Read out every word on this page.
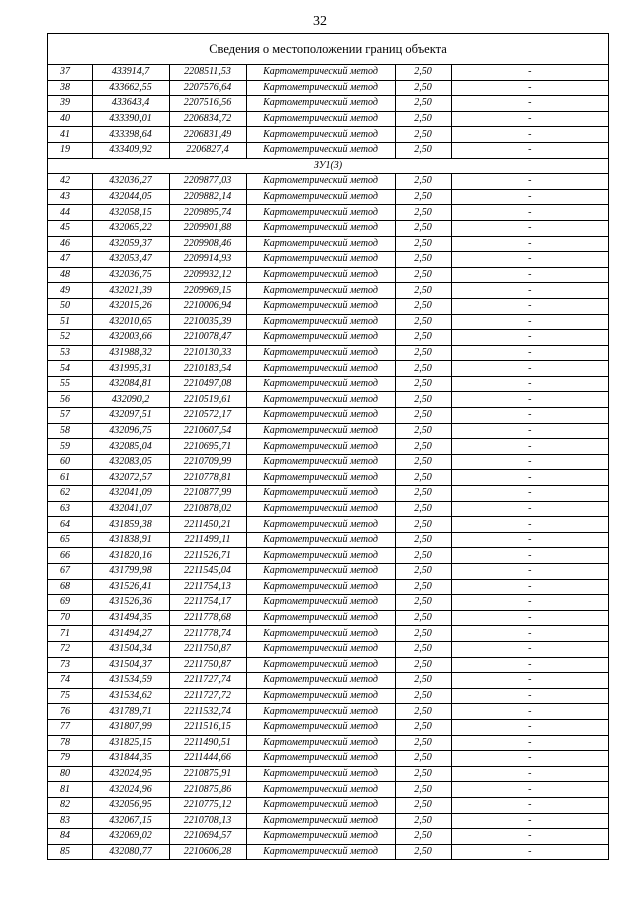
32
Сведения о местоположении границ объекта
37	433914,7	2208511,53	Картометрический метод	2,50	-
38	433662,55	2207576,64	Картометрический метод	2,50	-
39	433643,4	2207516,56	Картометрический метод	2,50	-
40	433390,01	2206834,72	Картометрический метод	2,50	-
41	433398,64	2206831,49	Картометрический метод	2,50	-
19	433409,92	2206827,4	Картометрический метод	2,50	-
ЗУ1(3)					
42	432036,27	2209877,03	Картометрический метод	2,50	-
43	432044,05	2209882,14	Картометрический метод	2,50	-
44	432058,15	2209895,74	Картометрический метод	2,50	-
45	432065,22	2209901,88	Картометрический метод	2,50	-
46	432059,37	2209908,46	Картометрический метод	2,50	-
47	432053,47	2209914,93	Картометрический метод	2,50	-
48	432036,75	2209932,12	Картометрический метод	2,50	-
49	432021,39	2209969,15	Картометрический метод	2,50	-
50	432015,26	2210006,94	Картометрический метод	2,50	-
51	432010,65	2210035,39	Картометрический метод	2,50	-
52	432003,66	2210078,47	Картометрический метод	2,50	-
53	431988,32	2210130,33	Картометрический метод	2,50	-
54	431995,31	2210183,54	Картометрический метод	2,50	-
55	432084,81	2210497,08	Картометрический метод	2,50	-
56	432090,2	2210519,61	Картометрический метод	2,50	-
57	432097,51	2210572,17	Картометрический метод	2,50	-
58	432096,75	2210607,54	Картометрический метод	2,50	-
59	432085,04	2210695,71	Картометрический метод	2,50	-
60	432083,05	2210709,99	Картометрический метод	2,50	-
61	432072,57	2210778,81	Картометрический метод	2,50	-
62	432041,09	2210877,99	Картометрический метод	2,50	-
63	432041,07	2210878,02	Картометрический метод	2,50	-
64	431859,38	2211450,21	Картометрический метод	2,50	-
65	431838,91	2211499,11	Картометрический метод	2,50	-
66	431820,16	2211526,71	Картометрический метод	2,50	-
67	431799,98	2211545,04	Картометрический метод	2,50	-
68	431526,41	2211754,13	Картометрический метод	2,50	-
69	431526,36	2211754,17	Картометрический метод	2,50	-
70	431494,35	2211778,68	Картометрический метод	2,50	-
71	431494,27	2211778,74	Картометрический метод	2,50	-
72	431504,34	2211750,87	Картометрический метод	2,50	-
73	431504,37	2211750,87	Картометрический метод	2,50	-
74	431534,59	2211727,74	Картометрический метод	2,50	-
75	431534,62	2211727,72	Картометрический метод	2,50	-
76	431789,71	2211532,74	Картометрический метод	2,50	-
77	431807,99	2211516,15	Картометрический метод	2,50	-
78	431825,15	2211490,51	Картометрический метод	2,50	-
79	431844,35	2211444,66	Картометрический метод	2,50	-
80	432024,95	2210875,91	Картометрический метод	2,50	-
81	432024,96	2210875,86	Картометрический метод	2,50	-
82	432056,95	2210775,12	Картометрический метод	2,50	-
83	432067,15	2210708,13	Картометрический метод	2,50	-
84	432069,02	2210694,57	Картометрический метод	2,50	-
85	432080,77	2210606,28	Картометрический метод	2,50	-
